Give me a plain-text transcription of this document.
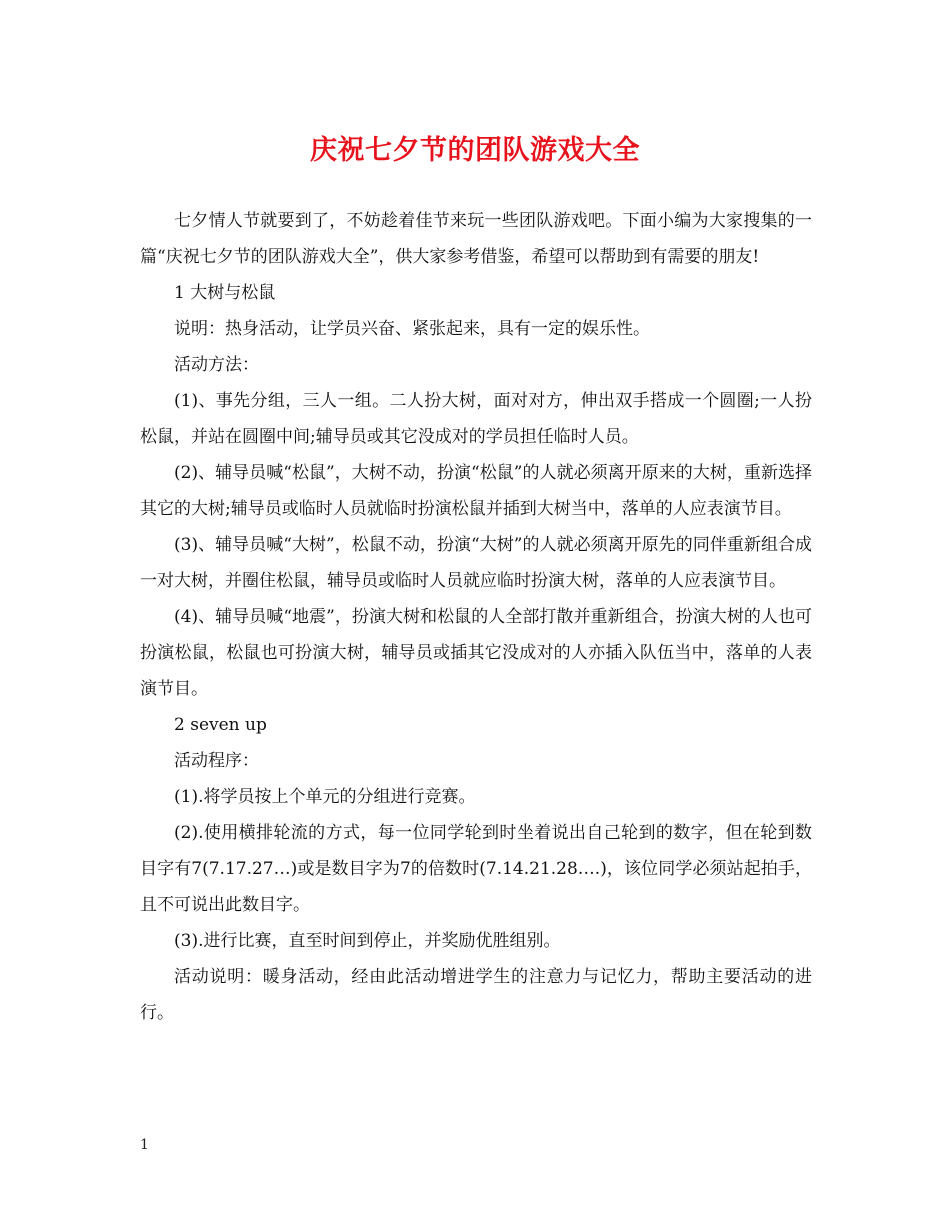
庆祝七夕节的团队游戏大全

七夕情人节就要到了，不妨趁着佳节来玩一些团队游戏吧。下面小编为大家搜集的一篇“庆祝七夕节的团队游戏大全”，供大家参考借鉴，希望可以帮助到有需要的朋友!

1 大树与松鼠

说明：热身活动，让学员兴奋、紧张起来，具有一定的娱乐性。

活动方法：

(1)、事先分组，三人一组。二人扮大树，面对对方，伸出双手搭成一个圆圈;一人扮松鼠，并站在圆圈中间;辅导员或其它没成对的学员担任临时人员。

(2)、辅导员喊“松鼠”，大树不动，扮演“松鼠”的人就必须离开原来的大树，重新选择其它的大树;辅导员或临时人员就临时扮演松鼠并插到大树当中，落单的人应表演节目。

(3)、辅导员喊“大树”，松鼠不动，扮演“大树”的人就必须离开原先的同伴重新组合成一对大树，并圈住松鼠，辅导员或临时人员就应临时扮演大树，落单的人应表演节目。

(4)、辅导员喊“地震”，扮演大树和松鼠的人全部打散并重新组合，扮演大树的人也可扮演松鼠，松鼠也可扮演大树，辅导员或插其它没成对的人亦插入队伍当中，落单的人表演节目。

2 seven up

活动程序：

(1).将学员按上个单元的分组进行竞赛。

(2).使用横排轮流的方式，每一位同学轮到时坐着说出自己轮到的数字，但在轮到数目字有7(7.17.27…)或是数目字为7的倍数时(7.14.21.28….)，该位同学必须站起拍手，且不可说出此数目字。

(3).进行比赛，直至时间到停止，并奖励优胜组别。

活动说明：暖身活动，经由此活动增进学生的注意力与记忆力，帮助主要活动的进行。

1
